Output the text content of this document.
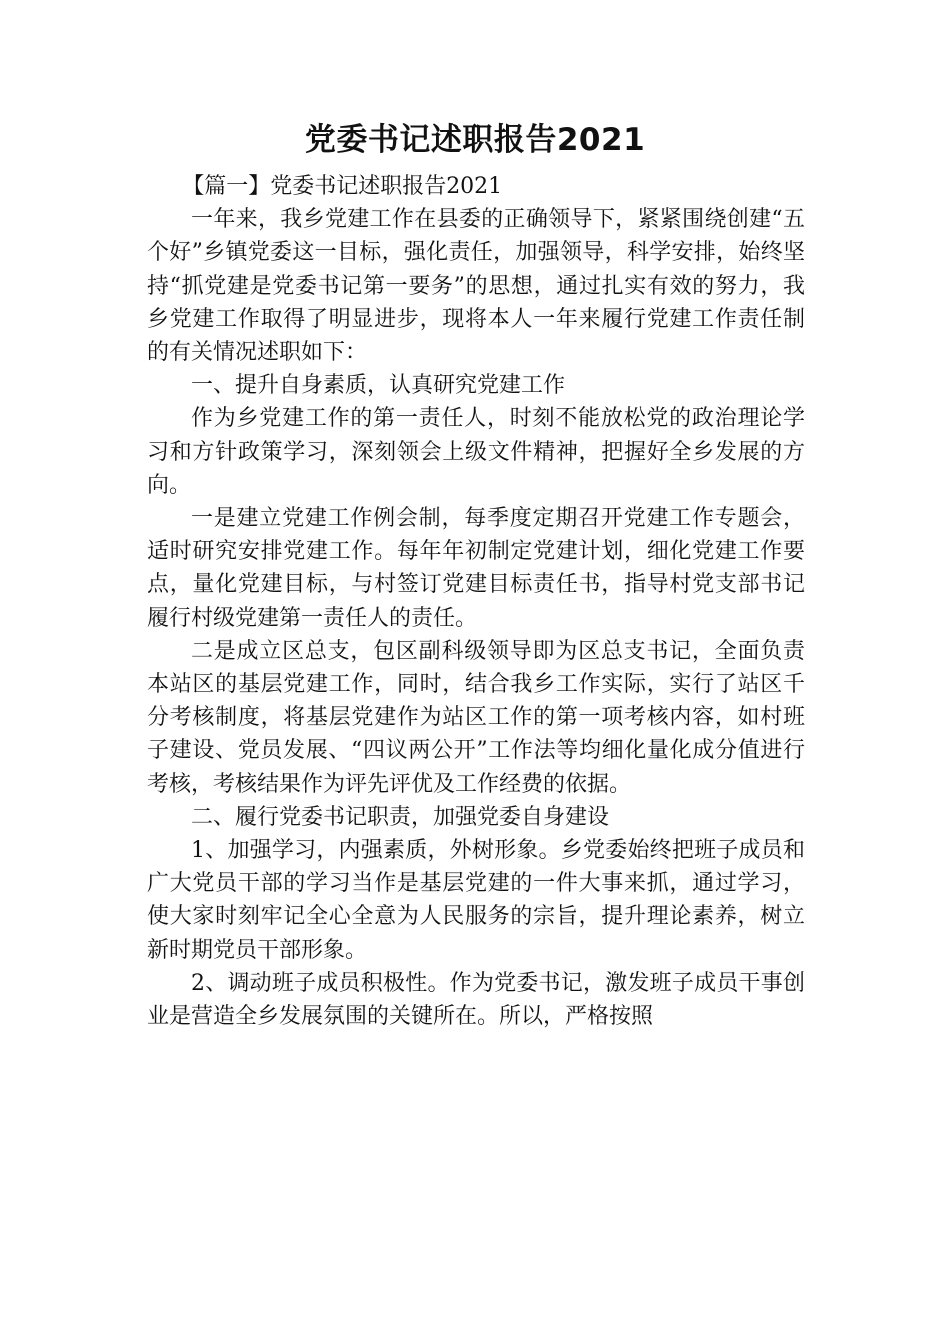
党委书记述职报告2021

【篇一】党委书记述职报告2021

一年来，我乡党建工作在县委的正确领导下，紧紧围绕创建“五个好”乡镇党委这一目标，强化责任，加强领导，科学安排，始终坚持“抓党建是党委书记第一要务”的思想，通过扎实有效的努力，我乡党建工作取得了明显进步，现将本人一年来履行党建工作责任制的有关情况述职如下：

一、提升自身素质，认真研究党建工作

作为乡党建工作的第一责任人，时刻不能放松党的政治理论学习和方针政策学习，深刻领会上级文件精神，把握好全乡发展的方向。

一是建立党建工作例会制，每季度定期召开党建工作专题会，适时研究安排党建工作。每年年初制定党建计划，细化党建工作要点，量化党建目标，与村签订党建目标责任书，指导村党支部书记履行村级党建第一责任人的责任。

二是成立区总支，包区副科级领导即为区总支书记，全面负责本站区的基层党建工作，同时，结合我乡工作实际，实行了站区千分考核制度，将基层党建作为站区工作的第一项考核内容，如村班子建设、党员发展、“四议两公开”工作法等均细化量化成分值进行考核，考核结果作为评先评优及工作经费的依据。

二、履行党委书记职责，加强党委自身建设

1、加强学习，内强素质，外树形象。乡党委始终把班子成员和广大党员干部的学习当作是基层党建的一件大事来抓，通过学习，使大家时刻牢记全心全意为人民服务的宗旨，提升理论素养，树立新时期党员干部形象。

2、调动班子成员积极性。作为党委书记，激发班子成员干事创业是营造全乡发展氛围的关键所在。所以，严格按照
